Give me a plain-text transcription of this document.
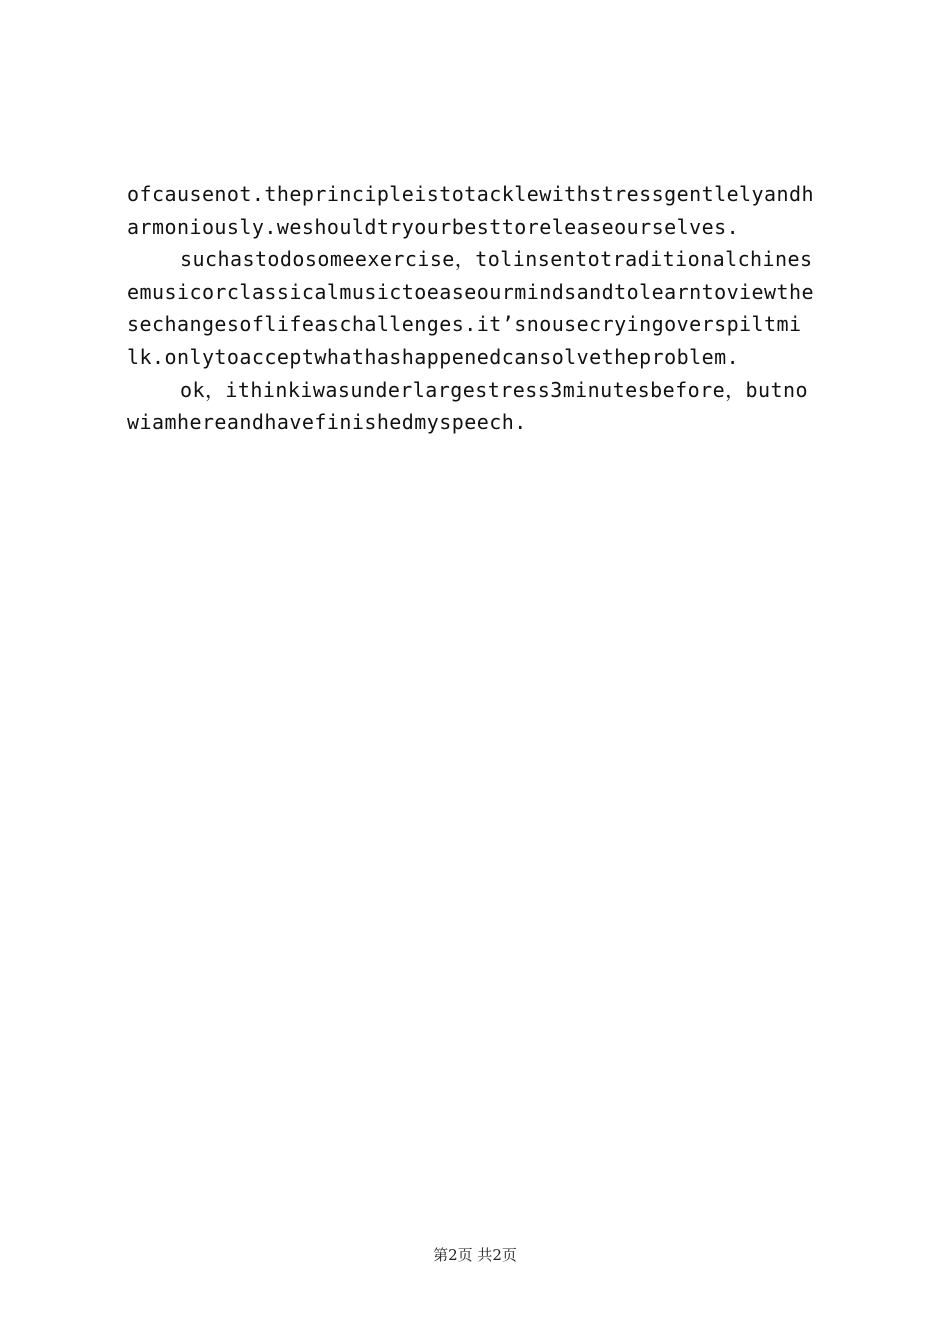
ofcausenot.theprincipleistotacklewithstressgentlelyandh
armoniously.weshouldtryourbesttoreleaseourselves.
suchastodosomeexercise，tolinsentotraditionalchines
emusicorclassicalmusictoeaseourmindsandtolearntoviewthe
sechangesoflifeaschallenges.it’snousecryingoverspiltmi
lk.onlytoacceptwhathashappenedcansolvetheproblem.
ok，ithinkiwasunderlargestress3minutesbefore，butno
wiamhereandhavefinishedmyspeech.
第2页 共2页
